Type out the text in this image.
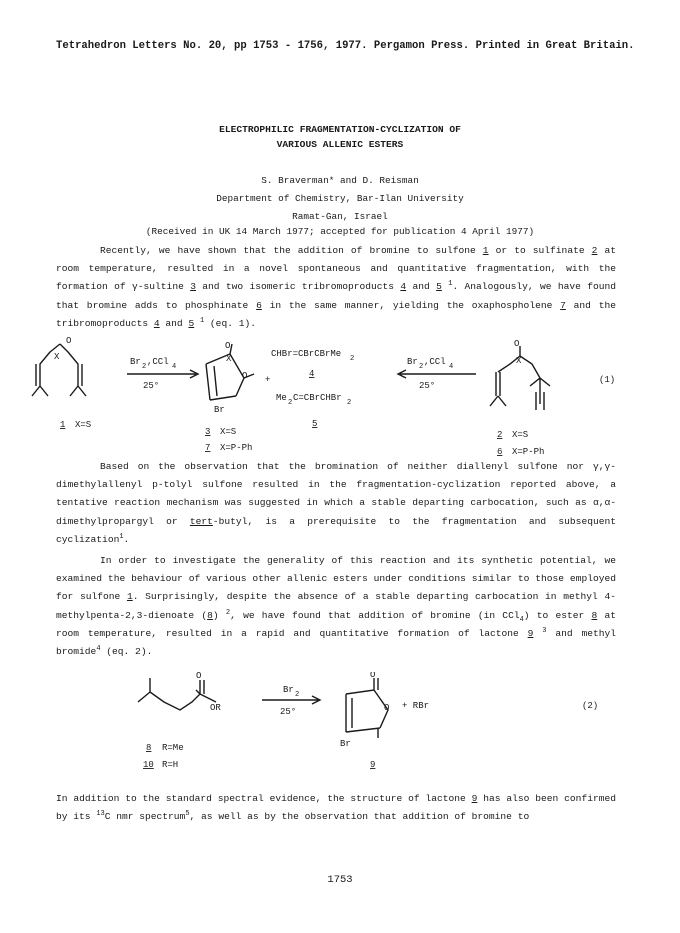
Tetrahedron Letters No. 20, pp 1753 - 1756, 1977. Pergamon Press. Printed in Great Britain.
ELECTROPHILIC FRAGMENTATION-CYCLIZATION OF
VARIOUS ALLENIC ESTERS
S. Braverman* and D. Reisman
Department of Chemistry, Bar-Ilan University
Ramat-Gan, Israel
(Received in UK 14 March 1977; accepted for publication 4 April 1977)

Recently, we have shown that the addition of bromine to sulfone 1 or to sulfinate 2 at room temperature, resulted in a novel spontaneous and quantitative fragmentation, with the formation of γ-sultine 3 and two isomeric tribromoproducts 4 and 5 $^1$. Analogously, we have found that bromine adds to phosphinate 6 in the same manner, yielding the oxaphospholene 7 and the tribromoproducts 4 and 5 $^1$ (eq. 1).

X
O
1 X=S
Br 2 ,CCl 4
25°
O
X
O
Br
+
3 X=S
7 X=P-Ph
CHBr=CBrCBrMe 2
4
Me 2 C=CBrCHBr 2
5
Br 2 ,CCl 4
25°
O
X
(1)
2 X=S
6 X=P-Ph

Based on the observation that the bromination of neither diallenyl sulfone nor γ,γ-dimethylallenyl p-tolyl sulfone resulted in the fragmentation-cyclization reported above, a tentative reaction mechanism was suggested in which a stable departing carbocation, such as α,α-dimethylpropargyl or tert-butyl, is a prerequisite to the fragmentation and subsequent cyclization$^1$.

In order to investigate the generality of this reaction and its synthetic potential, we examined the behaviour of various other allenic esters under conditions similar to those employed for sulfone 1. Surprisingly, despite the absence of a stable departing carbocation in methyl 4-methylpenta-2,3-dienoate (8) $^2$, we have found that addition of bromine (in CCl$_4$) to ester 8 at room temperature, resulted in a rapid and quantitative formation of lactone 9 $^3$ and methyl bromide$^4$ (eq. 2).

O
OR
8 R=Me
10 R=H
Br 2
25°
O
O
Br
+ RBr	(2)
9

In addition to the standard spectral evidence, the structure of lactone 9 has also been confirmed by its $^{13}$C nmr spectrum$^5$, as well as by the observation that addition of bromine to

1753
